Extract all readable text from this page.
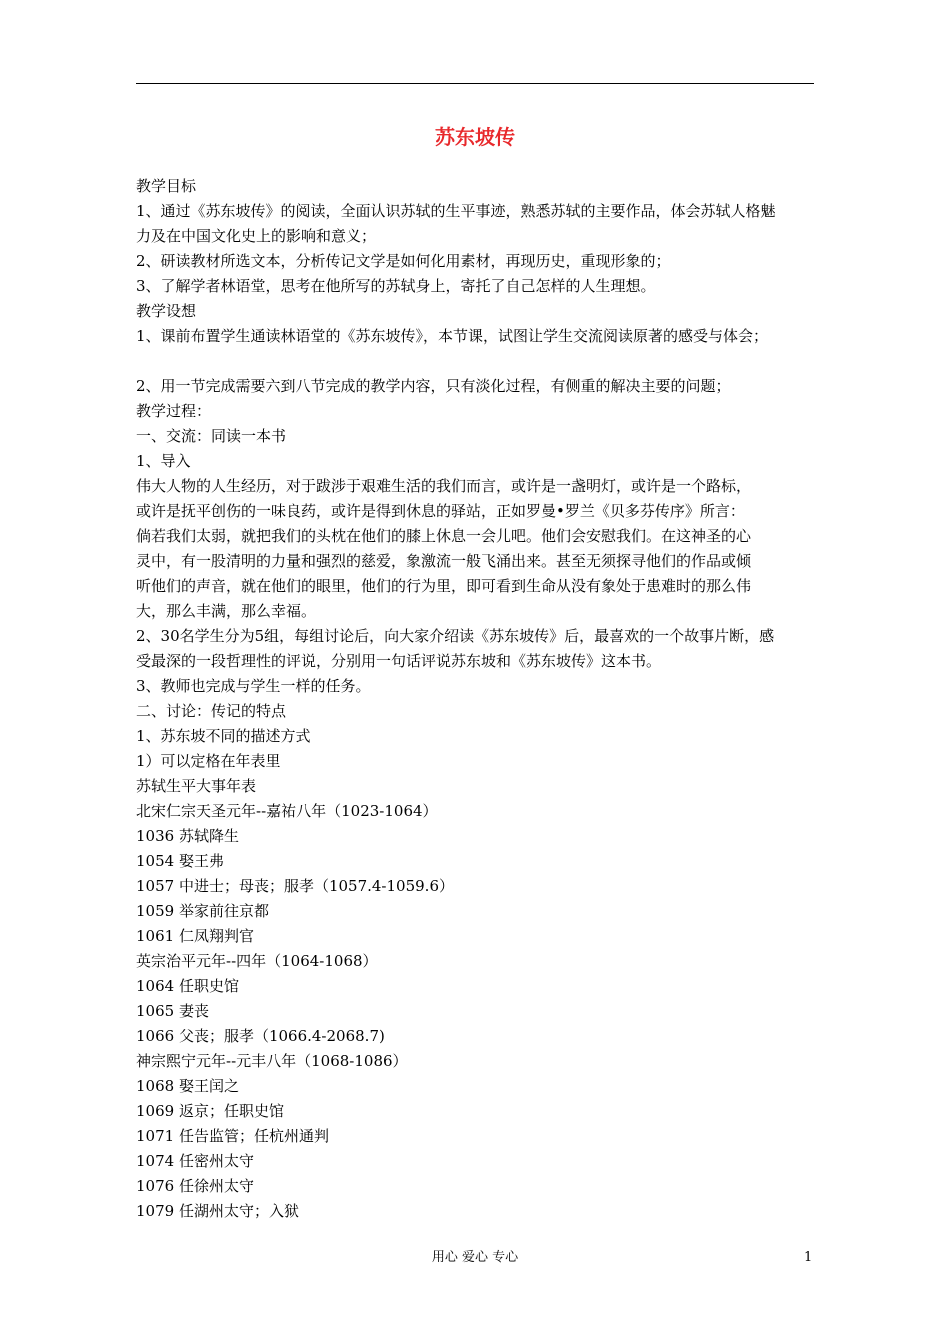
苏东坡传
教学目标
1、通过《苏东坡传》的阅读，全面认识苏轼的生平事迹，熟悉苏轼的主要作品，体会苏轼人格魅
力及在中国文化史上的影响和意义；
2、研读教材所选文本，分析传记文学是如何化用素材，再现历史，重现形象的；
3、了解学者林语堂，思考在他所写的苏轼身上，寄托了自己怎样的人生理想。
教学设想
1、课前布置学生通读林语堂的《苏东坡传》，本节课，试图让学生交流阅读原著的感受与体会；
2、用一节完成需要六到八节完成的教学内容，只有淡化过程，有侧重的解决主要的问题；
教学过程：
一、交流：同读一本书
1、导入
伟大人物的人生经历，对于跋涉于艰难生活的我们而言，或许是一盏明灯，或许是一个路标，
或许是抚平创伤的一味良药，或许是得到休息的驿站，正如罗曼•罗兰《贝多芬传序》所言：
倘若我们太弱，就把我们的头枕在他们的膝上休息一会儿吧。他们会安慰我们。在这神圣的心
灵中，有一股清明的力量和强烈的慈爱，象激流一般飞涌出来。甚至无须探寻他们的作品或倾
听他们的声音，就在他们的眼里，他们的行为里，即可看到生命从没有象处于患难时的那么伟
大，那么丰满，那么幸福。
2、30名学生分为5组，每组讨论后，向大家介绍读《苏东坡传》后，最喜欢的一个故事片断，感
受最深的一段哲理性的评说，分别用一句话评说苏东坡和《苏东坡传》这本书。
3、教师也完成与学生一样的任务。
二、讨论：传记的特点
1、苏东坡不同的描述方式
1）可以定格在年表里
苏轼生平大事年表
北宋仁宗天圣元年--嘉祐八年（1023-1064）
1036 苏轼降生
1054 娶王弗
1057 中进士；母丧；服孝（1057.4-1059.6）
1059 举家前往京都
1061 仁凤翔判官
英宗治平元年--四年（1064-1068）
1064 任职史馆
1065 妻丧
1066 父丧；服孝（1066.4-2068.7)
神宗熙宁元年--元丰八年（1068-1086）
1068 娶王闰之
1069 返京；任职史馆
1071 任告监管；任杭州通判
1074 任密州太守
1076 任徐州太守
1079 任湖州太守；入狱
用心 爱心 专心	1
